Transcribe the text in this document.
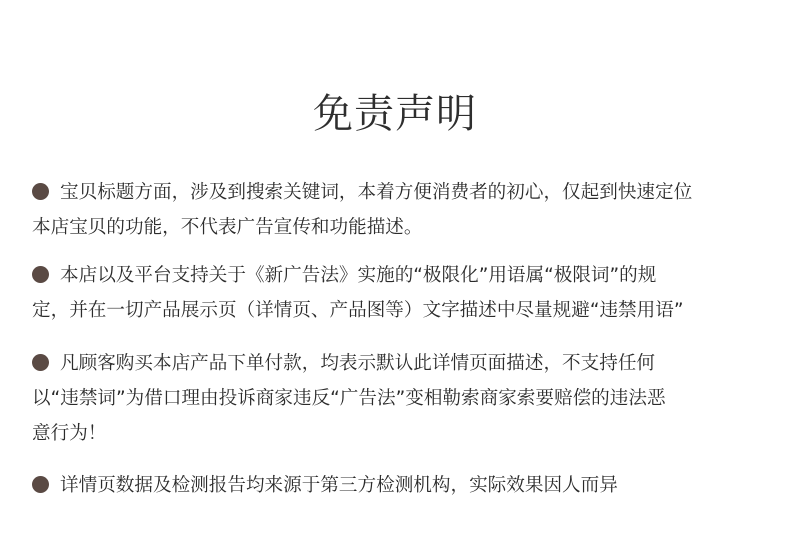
免责声明
宝贝标题方面，涉及到搜索关键词，本着方便消费者的初心，仅起到快速定位
本店宝贝的功能，不代表广告宣传和功能描述。
本店以及平台支持关于《新广告法》实施的“极限化”用语属“极限词”的规
定，并在一切产品展示页（详情页、产品图等）文字描述中尽量规避“违禁用语”
凡顾客购买本店产品下单付款，均表示默认此详情页面描述，不支持任何
以“违禁词”为借口理由投诉商家违反“广告法”变相勒索商家索要赔偿的违法恶
意行为！
详情页数据及检测报告均来源于第三方检测机构，实际效果因人而异
